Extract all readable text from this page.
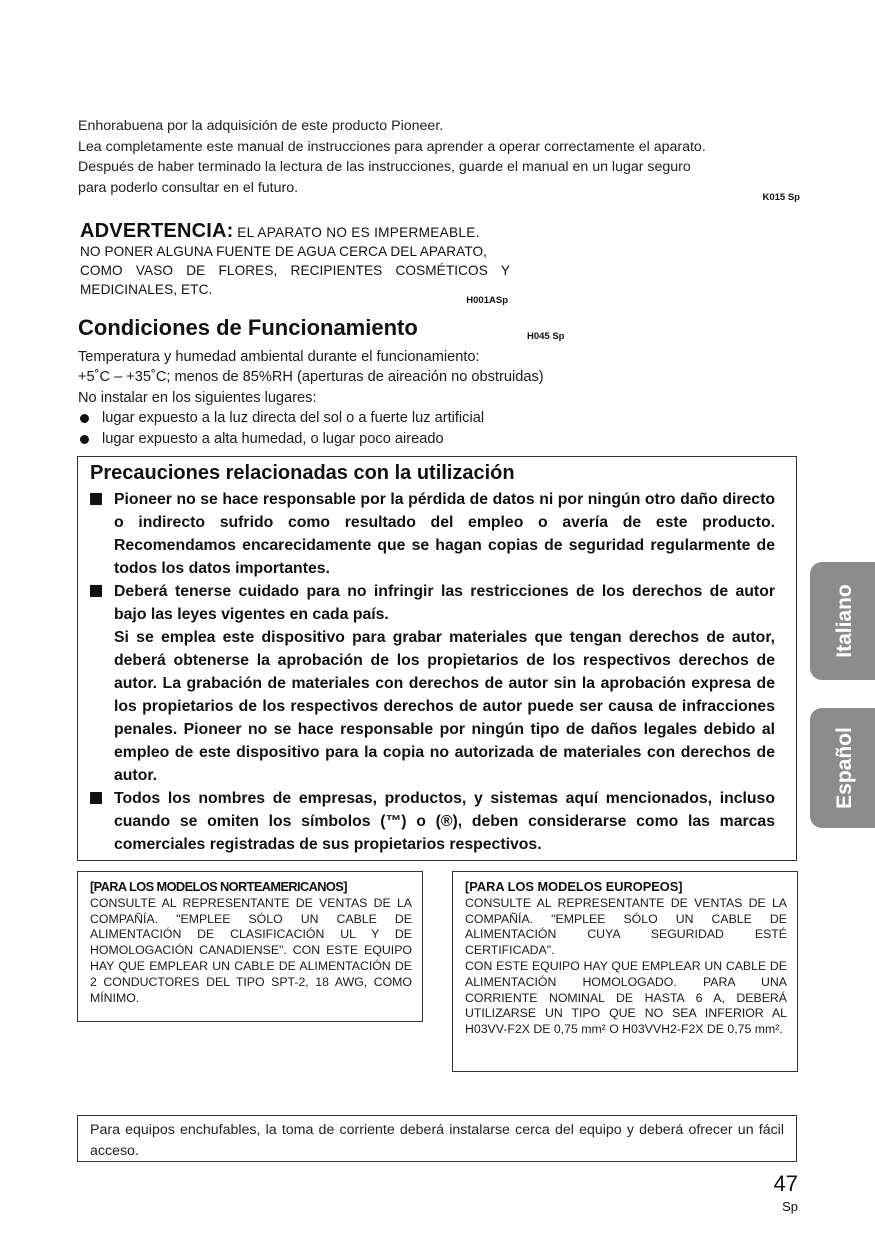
Enhorabuena por la adquisición de este producto Pioneer.

Lea completamente este manual de instrucciones para aprender a operar correctamente el aparato.

Después de haber terminado la lectura de las instrucciones, guarde el manual en un lugar seguro

para poderlo consultar en el futuro.

K015 Sp
ADVERTENCIA: EL APARATO NO ES IMPERMEABLE.
NO PONER ALGUNA FUENTE DE AGUA CERCA DEL APARATO,
COMO VASO DE FLORES, RECIPIENTES COSMÉTICOS Y
MEDICINALES, ETC.
H001ASp
Condiciones de Funcionamiento	H045 Sp
Temperatura y humedad ambiental durante el funcionamiento:
+5˚C – +35˚C; menos de 85%RH (aperturas de aireación no obstruidas)
No instalar en los siguientes lugares:
lugar expuesto a la luz directa del sol o a fuerte luz artificial
lugar expuesto a alta humedad, o lugar poco aireado
Precauciones relacionadas con la utilización

Pioneer no se hace responsable por la pérdida de datos ni por ningún otro daño directo o indirecto sufrido como resultado del empleo o avería de este producto. Recomendamos encarecidamente que se hagan copias de seguridad regularmente de todos los datos importantes.

Deberá tenerse cuidado para no infringir las restricciones de los derechos de autor bajo las leyes vigentes en cada país.

Si se emplea este dispositivo para grabar materiales que tengan derechos de autor, deberá obtenerse la aprobación de los propietarios de los respectivos derechos de autor. La grabación de materiales con derechos de autor sin la aprobación expresa de los propietarios de los respectivos derechos de autor puede ser causa de infracciones penales. Pioneer no se hace responsable por ningún tipo de daños legales debido al empleo de este dispositivo para la copia no autorizada de materiales con derechos de autor.

Todos los nombres de empresas, productos, y sistemas aquí mencionados, incluso cuando se omiten los símbolos (™) o (®), deben considerarse como las marcas comerciales registradas de sus propietarios respectivos.

Italiano
Español
[PARA LOS MODELOS NORTEAMERICANOS]

CONSULTE AL REPRESENTANTE DE VENTAS DE LA COMPAÑÍA. "EMPLEE SÓLO UN CABLE DE ALIMENTACIÓN DE CLASIFICACIÓN UL Y DE HOMOLOGACIÓN CANADIENSE". CON ESTE EQUIPO HAY QUE EMPLEAR UN CABLE DE ALIMENTACIÓN DE 2 CONDUCTORES DEL TIPO SPT-2, 18 AWG, COMO MÍNIMO.

[PARA LOS MODELOS EUROPEOS]

CONSULTE AL REPRESENTANTE DE VENTAS DE LA COMPAÑÍA. "EMPLEE SÓLO UN CABLE DE ALIMENTACIÓN CUYA SEGURIDAD ESTÉ CERTIFICADA".

CON ESTE EQUIPO HAY QUE EMPLEAR UN CABLE DE ALIMENTACIÓN HOMOLOGADO. PARA UNA CORRIENTE NOMINAL DE HASTA 6 A, DEBERÁ UTILIZARSE UN TIPO QUE NO SEA INFERIOR AL H03VV-F2X DE 0,75 mm² O H03VVH2-F2X DE 0,75 mm².

Para equipos enchufables, la toma de corriente deberá instalarse cerca del equipo y deberá ofrecer un fácil acceso.

47
Sp
